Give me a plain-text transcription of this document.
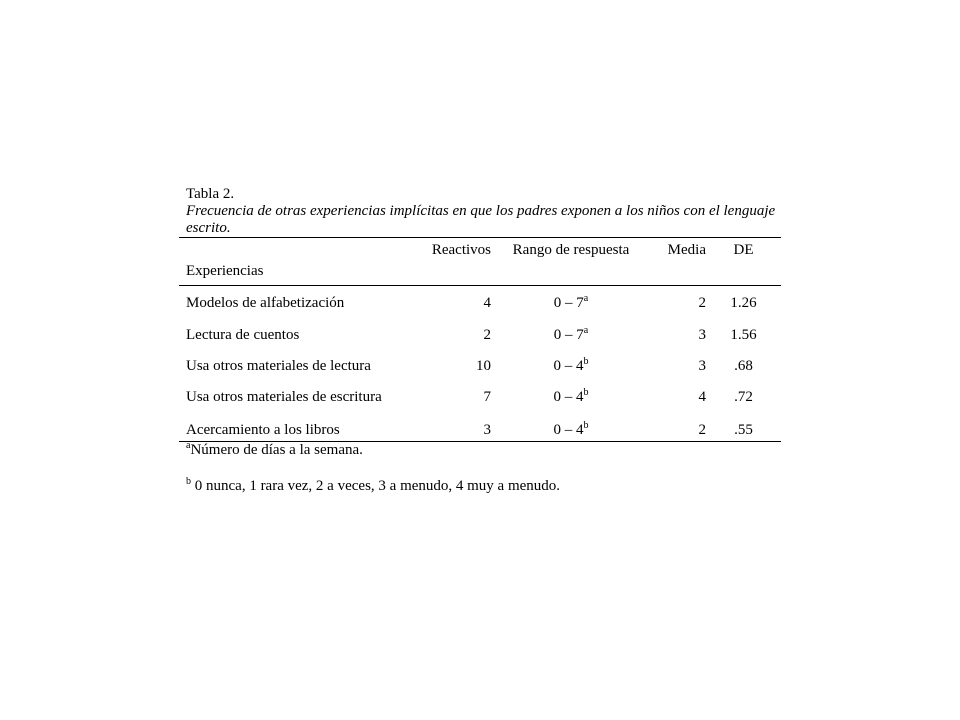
Tabla 2.
Frecuencia de otras experiencias implícitas en que los padres exponen a los niños con el lenguaje escrito.
	Reactivos	Rango de respuesta	Media	DE
Experiencias				
Modelos de alfabetización	4	0 – 7$^a$	2	1.26
Lectura de cuentos	2	0 – 7$^a$	3	1.56
Usa otros materiales de lectura	10	0 – 4$^b$	3	.68
Usa otros materiales de escritura	7	0 – 4$^b$	4	.72
Acercamiento a los libros	3	0 – 4$^b$	2	.55
$^a$Número de días a la semana.
$^b$ 0 nunca, 1 rara vez, 2 a veces, 3 a menudo, 4 muy a menudo.
